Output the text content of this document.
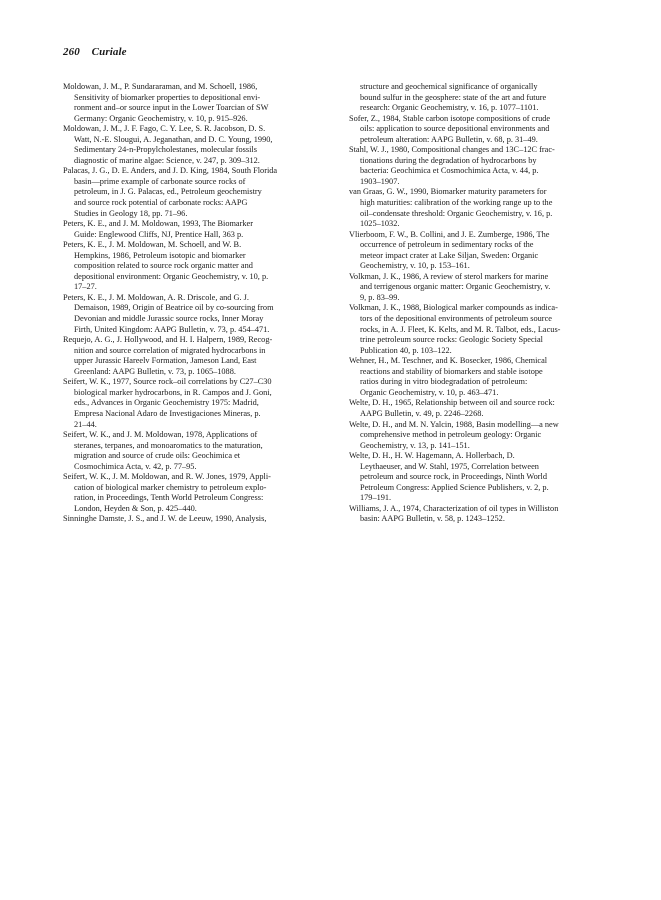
260 Curiale
Moldowan, J. M., P. Sundararaman, and M. Schoell, 1986,
Sensitivity of biomarker properties to depositional envi-
ronment and–or source input in the Lower Toarcian of SW
Germany: Organic Geochemistry, v. 10, p. 915–926.
Moldowan, J. M., J. F. Fago, C. Y. Lee, S. R. Jacobson, D. S.
Watt, N.-E. Slougui, A. Jeganathan, and D. C. Young, 1990,
Sedimentary 24-n-Propylcholestanes, molecular fossils
diagnostic of marine algae: Science, v. 247, p. 309–312.
Palacas, J. G., D. E. Anders, and J. D. King, 1984, South Florida
basin—prime example of carbonate source rocks of
petroleum, in J. G. Palacas, ed., Petroleum geochemistry
and source rock potential of carbonate rocks: AAPG
Studies in Geology 18, pp. 71–96.
Peters, K. E., and J. M. Moldowan, 1993, The Biomarker
Guide: Englewood Cliffs, NJ, Prentice Hall, 363 p.
Peters, K. E., J. M. Moldowan, M. Schoell, and W. B.
Hempkins, 1986, Petroleum isotopic and biomarker
composition related to source rock organic matter and
depositional environment: Organic Geochemistry, v. 10, p.
17–27.
Peters, K. E., J. M. Moldowan, A. R. Driscole, and G. J.
Demaison, 1989, Origin of Beatrice oil by co-sourcing from
Devonian and middle Jurassic source rocks, Inner Moray
Firth, United Kingdom: AAPG Bulletin, v. 73, p. 454–471.
Requejo, A. G., J. Hollywood, and H. I. Halpern, 1989, Recog-
nition and source correlation of migrated hydrocarbons in
upper Jurassic Hareelv Formation, Jameson Land, East
Greenland: AAPG Bulletin, v. 73, p. 1065–1088.
Seifert, W. K., 1977, Source rock–oil correlations by C27–C30
biological marker hydrocarbons, in R. Campos and J. Goni,
eds., Advances in Organic Geochemistry 1975: Madrid,
Empresa Nacional Adaro de Investigaciones Mineras, p.
21–44.
Seifert, W. K., and J. M. Moldowan, 1978, Applications of
steranes, terpanes, and monoaromatics to the maturation,
migration and source of crude oils: Geochimica et
Cosmochimica Acta, v. 42, p. 77–95.
Seifert, W. K., J. M. Moldowan, and R. W. Jones, 1979, Appli-
cation of biological marker chemistry to petroleum explo-
ration, in Proceedings, Tenth World Petroleum Congress:
London, Heyden & Son, p. 425–440.
Sinninghe Damste, J. S., and J. W. de Leeuw, 1990, Analysis,
structure and geochemical significance of organically
bound sulfur in the geosphere: state of the art and future
research: Organic Geochemistry, v. 16, p. 1077–1101.
Sofer, Z., 1984, Stable carbon isotope compositions of crude
oils: application to source depositional environments and
petroleum alteration: AAPG Bulletin, v. 68, p. 31–49.
Stahl, W. J., 1980, Compositional changes and 13C–12C frac-
tionations during the degradation of hydrocarbons by
bacteria: Geochimica et Cosmochimica Acta, v. 44, p.
1903–1907.
van Graas, G. W., 1990, Biomarker maturity parameters for
high maturities: calibration of the working range up to the
oil–condensate threshold: Organic Geochemistry, v. 16, p.
1025–1032.
Vlierboom, F. W., B. Collini, and J. E. Zumberge, 1986, The
occurrence of petroleum in sedimentary rocks of the
meteor impact crater at Lake Siljan, Sweden: Organic
Geochemistry, v. 10, p. 153–161.
Volkman, J. K., 1986, A review of sterol markers for marine
and terrigenous organic matter: Organic Geochemistry, v.
9, p. 83–99.
Volkman, J. K., 1988, Biological marker compounds as indica-
tors of the depositional environments of petroleum source
rocks, in A. J. Fleet, K. Kelts, and M. R. Talbot, eds., Lacus-
trine petroleum source rocks: Geologic Society Special
Publication 40, p. 103–122.
Wehner, H., M. Teschner, and K. Bosecker, 1986, Chemical
reactions and stability of biomarkers and stable isotope
ratios during in vitro biodegradation of petroleum:
Organic Geochemistry, v. 10, p. 463–471.
Welte, D. H., 1965, Relationship between oil and source rock:
AAPG Bulletin, v. 49, p. 2246–2268.
Welte, D. H., and M. N. Yalcin, 1988, Basin modelling—a new
comprehensive method in petroleum geology: Organic
Geochemistry, v. 13, p. 141–151.
Welte, D. H., H. W. Hagemann, A. Hollerbach, D.
Leythaeuser, and W. Stahl, 1975, Correlation between
petroleum and source rock, in Proceedings, Ninth World
Petroleum Congress: Applied Science Publishers, v. 2, p.
179–191.
Williams, J. A., 1974, Characterization of oil types in Williston
basin: AAPG Bulletin, v. 58, p. 1243–1252.
